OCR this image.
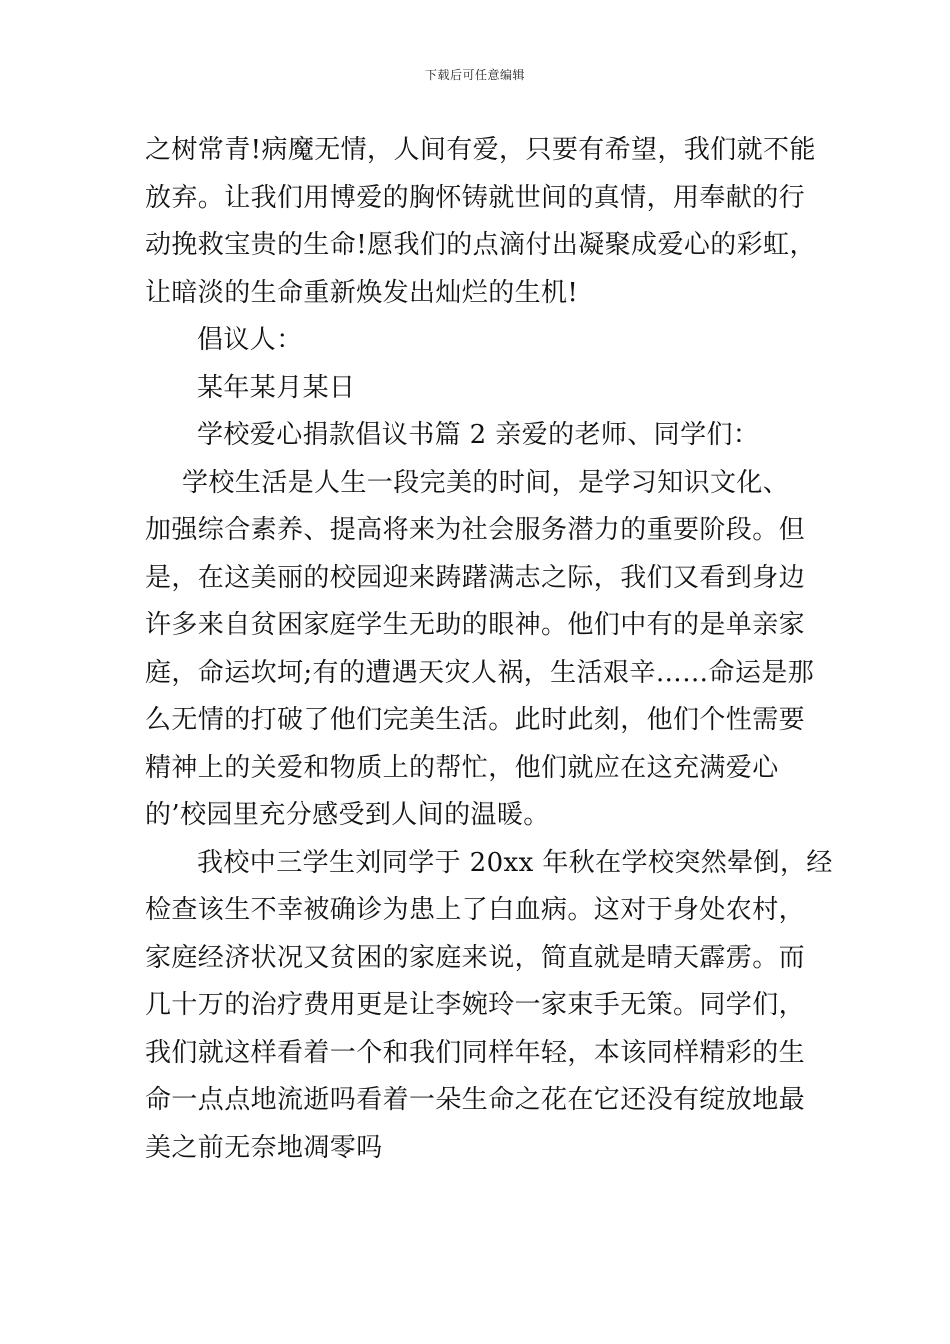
下载后可任意编辑
之树常青!病魔无情，人间有爱，只要有希望，我们就不能
放弃。让我们用博爱的胸怀铸就世间的真情，用奉献的行
动挽救宝贵的生命!愿我们的点滴付出凝聚成爱心的彩虹，
让暗淡的生命重新焕发出灿烂的生机!
倡议人：
某年某月某日
学校爱心捐款倡议书篇 2 亲爱的老师、同学们：
学校生活是人生一段完美的时间，是学习知识文化、
加强综合素养、提高将来为社会服务潜力的重要阶段。但
是，在这美丽的校园迎来踌躇满志之际，我们又看到身边
许多来自贫困家庭学生无助的眼神。他们中有的是单亲家
庭，命运坎坷;有的遭遇天灾人祸，生活艰辛……命运是那
么无情的打破了他们完美生活。此时此刻，他们个性需要
精神上的关爱和物质上的帮忙，他们就应在这充满爱心
的’校园里充分感受到人间的温暖。
我校中三学生刘同学于 20xx 年秋在学校突然晕倒，经
检查该生不幸被确诊为患上了白血病。这对于身处农村，
家庭经济状况又贫困的家庭来说，简直就是晴天霹雳。而
几十万的治疗费用更是让李婉玲一家束手无策。同学们，
我们就这样看着一个和我们同样年轻，本该同样精彩的生
命一点点地流逝吗看着一朵生命之花在它还没有绽放地最
美之前无奈地凋零吗
